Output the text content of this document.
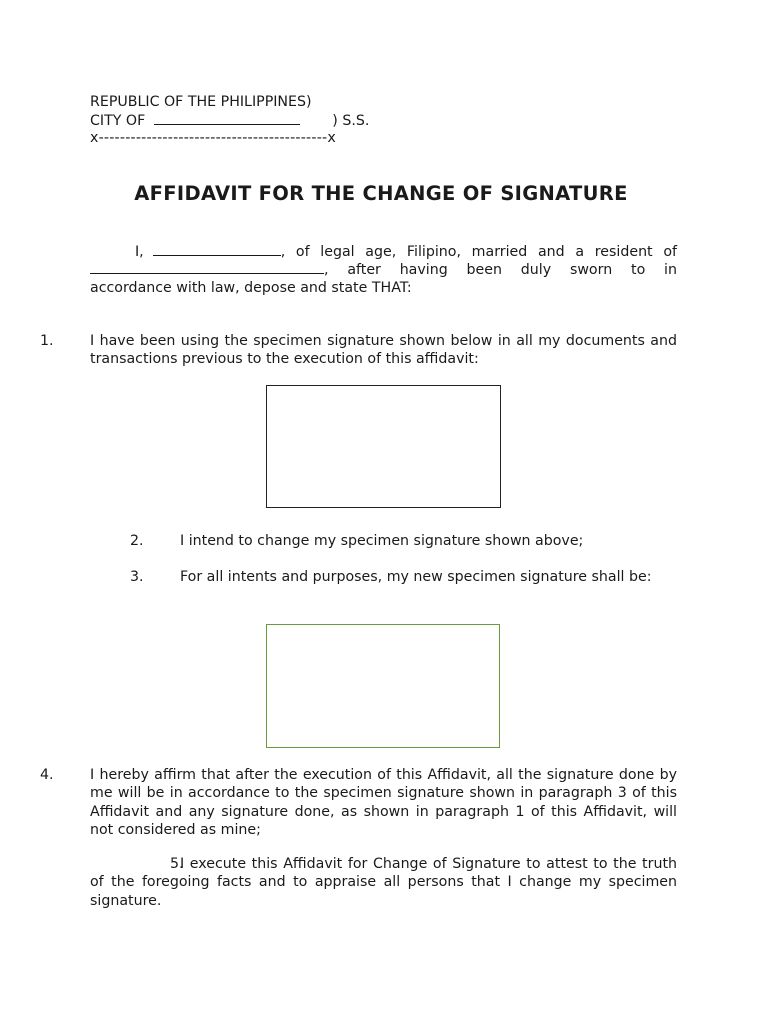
REPUBLIC OF THE PHILIPPINES)
CITY OF	) S.S.
x-------------------------------------------x
AFFIDAVIT FOR THE CHANGE OF SIGNATURE
I,	, of legal age, Filipino, married and a resident of
, after having been duly sworn to in
accordance with law, depose and state THAT:
1.	I have been using the specimen signature shown below in all my documents and transactions previous to the execution of this affidavit:
2.	I intend to change my specimen signature shown above;
3.	For all intents and purposes, my new specimen signature shall be:
4.	I hereby affirm that after the execution of this Affidavit, all the signature done by me will be in accordance to the specimen signature shown in paragraph 3 of this Affidavit and any signature done, as shown in paragraph 1 of this Affidavit, will not considered as mine;
5.I execute this Affidavit for Change of Signature to attest to the truth of the foregoing facts and to appraise all persons that I change my specimen signature.
